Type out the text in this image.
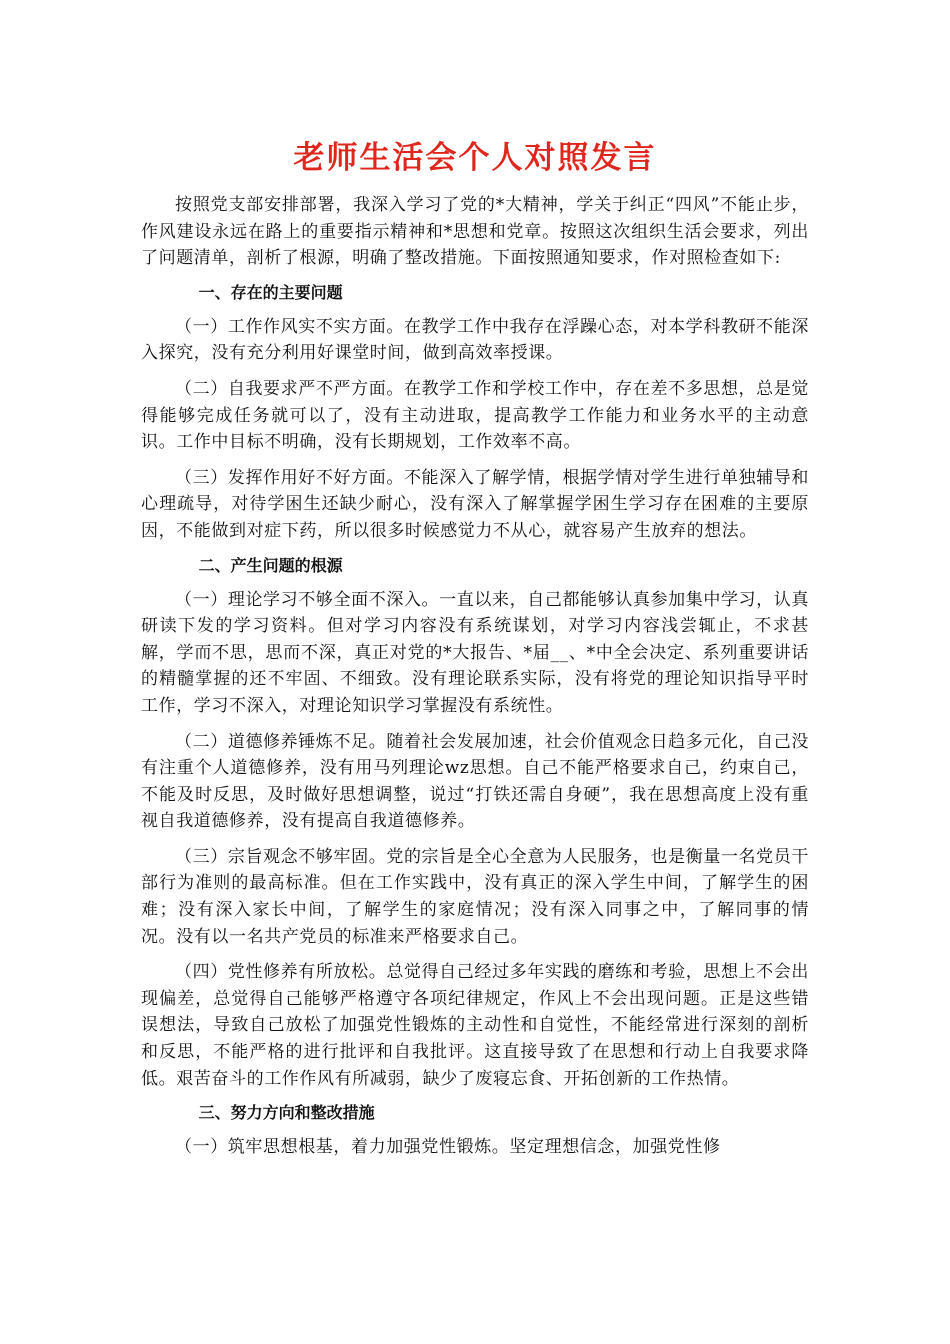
老师生活会个人对照发言

按照党支部安排部署，我深入学习了党的*大精神，学关于纠正“四风”不能止步，作风建设永远在路上的重要指示精神和*思想和党章。按照这次组织生活会要求，列出了问题清单，剖析了根源，明确了整改措施。下面按照通知要求，作对照检查如下:

一、存在的主要问题

（一）工作作风实不实方面。在教学工作中我存在浮躁心态，对本学科教研不能深入探究，没有充分利用好课堂时间，做到高效率授课。

（二）自我要求严不严方面。在教学工作和学校工作中，存在差不多思想，总是觉得能够完成任务就可以了，没有主动进取，提高教学工作能力和业务水平的主动意识。工作中目标不明确，没有长期规划，工作效率不高。

（三）发挥作用好不好方面。不能深入了解学情，根据学情对学生进行单独辅导和心理疏导，对待学困生还缺少耐心，没有深入了解掌握学困生学习存在困难的主要原因，不能做到对症下药，所以很多时候感觉力不从心，就容易产生放弃的想法。

二、产生问题的根源

（一）理论学习不够全面不深入。一直以来，自己都能够认真参加集中学习，认真研读下发的学习资料。但对学习内容没有系统谋划，对学习内容浅尝辄止，不求甚解，学而不思，思而不深，真正对党的*大报告、*届__、*中全会决定、系列重要讲话的精髓掌握的还不牢固、不细致。没有理论联系实际，没有将党的理论知识指导平时工作，学习不深入，对理论知识学习掌握没有系统性。

（二）道德修养锤炼不足。随着社会发展加速，社会价值观念日趋多元化，自己没有注重个人道德修养，没有用马列理论wz思想。自己不能严格要求自己，约束自己，不能及时反思，及时做好思想调整，说过“打铁还需自身硬”，我在思想高度上没有重视自我道德修养，没有提高自我道德修养。

（三）宗旨观念不够牢固。党的宗旨是全心全意为人民服务，也是衡量一名党员干部行为准则的最高标准。但在工作实践中，没有真正的深入学生中间，了解学生的困难；没有深入家长中间，了解学生的家庭情况；没有深入同事之中，了解同事的情况。没有以一名共产党员的标准来严格要求自己。

（四）党性修养有所放松。总觉得自己经过多年实践的磨练和考验，思想上不会出现偏差，总觉得自己能够严格遵守各项纪律规定，作风上不会出现问题。正是这些错误想法，导致自己放松了加强党性锻炼的主动性和自觉性，不能经常进行深刻的剖析和反思，不能严格的进行批评和自我批评。这直接导致了在思想和行动上自我要求降低。艰苦奋斗的工作作风有所减弱，缺少了废寝忘食、开拓创新的工作热情。

三、努力方向和整改措施

（一）筑牢思想根基，着力加强党性锻炼。坚定理想信念，加强党性修
